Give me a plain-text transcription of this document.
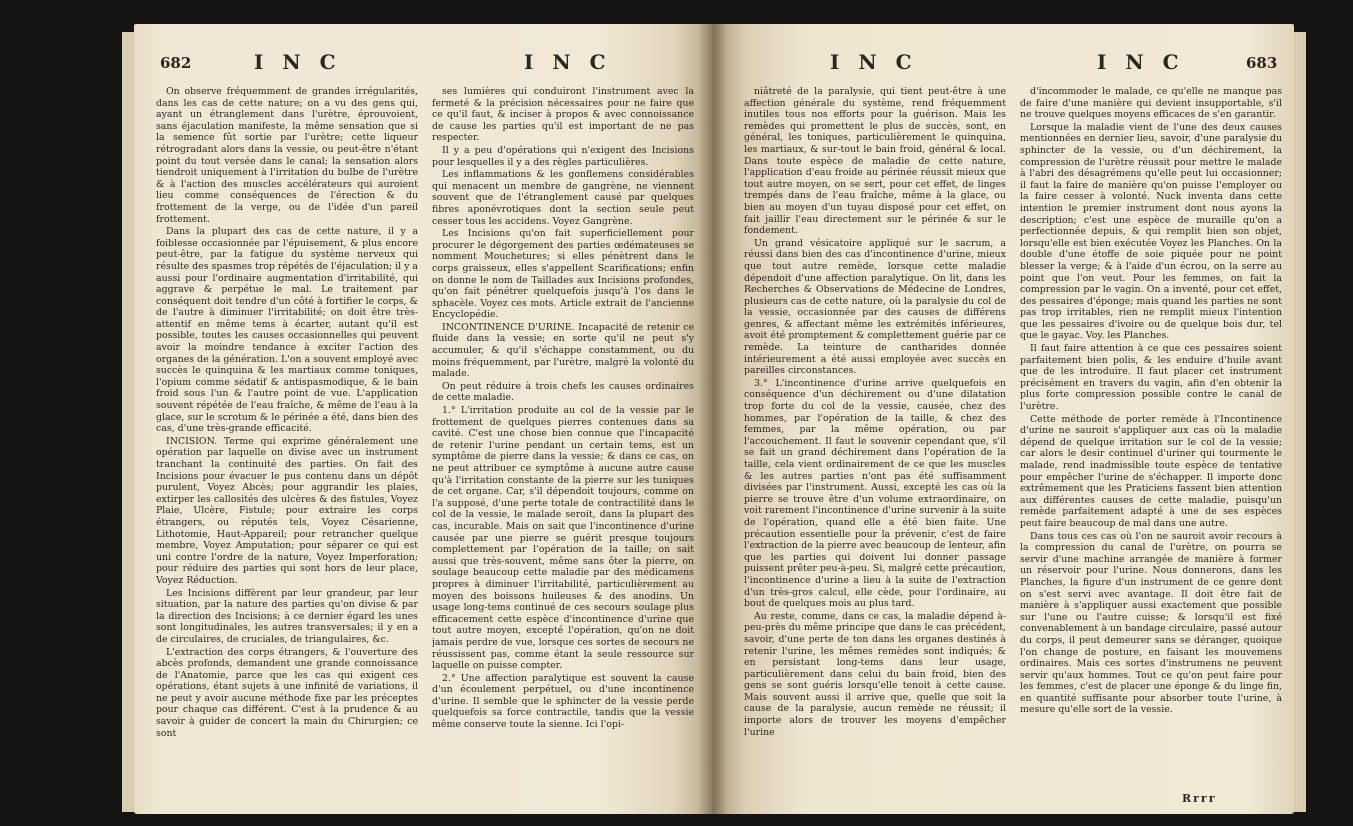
682	I N C	I N C

On observe fréquemment de grandes irrégularités, dans les cas de cette nature; on a vu des gens qui, ayant un étranglement dans l'urètre, éprouvoient, sans éjaculation manifeste, la même sensation que si la semence fût sortie par l'urètre; cette liqueur rétrogradant alors dans la vessie, ou peut-être n'étant point du tout versée dans le canal; la sensation alors tiendroit uniquement à l'irritation du bulbe de l'urètre & à l'action des muscles accélérateurs qui auroient lieu comme conséquences de l'érection & du frottement de la verge, ou de l'idée d'un pareil frottement.

Dans la plupart des cas de cette nature, il y a foiblesse occasionnée par l'épuisement, & plus encore peut-être, par la fatigue du système nerveux qui résulte des spasmes trop répétés de l'éjaculation; il y a aussi pour l'ordinaire augmentation d'irritabilité, qui aggrave & perpétue le mal. Le traitement par conséquent doit tendre d'un côté à fortifier le corps, & de l'autre à diminuer l'irritabilité; on doit être très-attentif en même tems à écarter, autant qu'il est possible, toutes les causes occasionnelles qui peuvent avoir la moindre tendance à exciter l'action des organes de la génération. L'on a souvent employé avec succès le quinquina & les martiaux comme toniques, l'opium comme sédatif & antispasmodique, & le bain froid sous l'un & l'autre point de vue. L'application souvent répétée de l'eau fraîche, & même de l'eau à la glace, sur le scrotum & le périnée a été, dans bien des cas, d'une très-grande efficacité.

INCISION. Terme qui exprime généralement une opération par laquelle on divise avec un instrument tranchant la continuité des parties. On fait des Incisions pour évacuer le pus contenu dans un dépôt purulent, Voyez Abcès; pour aggrandir les plaies, extirper les callosités des ulcères & des fistules, Voyez Plaie, Ulcère, Fistule; pour extraire les corps étrangers, ou réputés tels, Voyez Césarienne, Lithotomie, Haut-Appareil; pour retrancher quelque membre, Voyez Amputation; pour séparer ce qui est uni contre l'ordre de la nature, Voyez Imperforation; pour réduire des parties qui sont hors de leur place, Voyez Réduction.

Les Incisions diffèrent par leur grandeur, par leur situation, par la nature des parties qu'on divise & par la direction des Incisions; à ce dernier égard les unes sont longitudinales, les autres transversales; il y en a de circulaires, de cruciales, de triangulaires, &c.

L'extraction des corps étrangers, & l'ouverture des abcès profonds, demandent une grande connoissance de l'Anatomie, parce que les cas qui exigent ces opérations, étant sujets à une infinité de variations, il ne peut y avoir aucune méthode fixe par les préceptes pour chaque cas différent. C'est à la prudence & au savoir à guider de concert la main du Chirurgien; ce sont

ses lumières qui conduiront l'instrument avec la fermeté & la précision nécessaires pour ne faire que ce qu'il faut, & inciser à propos & avec connoissance de cause les parties qu'il est important de ne pas respecter.

Il y a peu d'opérations qui n'exigent des Incisions pour lesquelles il y a des règles particulières.

Les inflammations & les gonflemens considérables qui menacent un membre de gangrène, ne viennent souvent que de l'étranglement causé par quelques fibres aponévrotiques dont la section seule peut cesser tous les accidens. Voyez Gangrène.

Les Incisions qu'on fait superficiellement pour procurer le dégorgement des parties œdémateuses se nomment Mouchetures; si elles pénètrent dans le corps graisseux, elles s'appellent Scarifications; enfin on donne le nom de Taillades aux Incisions profondes, qu'on fait pénétrer quelquefois jusqu'à l'os dans le sphacèle. Voyez ces mots. Article extrait de l'ancienne Encyclopédie.

INCONTINENCE D'URINE. Incapacité de retenir ce fluide dans la vessie; en sorte qu'il ne peut s'y accumuler, & qu'il s'échappe constamment, ou du moins fréquemment, par l'urètre, malgré la volonté du malade.

On peut réduire à trois chefs les causes ordinaires de cette maladie.

1.° L'irritation produite au col de la vessie par le frottement de quelques pierres contenues dans sa cavité. C'est une chose bien connue que l'incapacité de retenir l'urine pendant un certain tems, est un symptôme de pierre dans la vessie; & dans ce cas, on ne peut attribuer ce symptôme à aucune autre cause qu'à l'irritation constante de la pierre sur les tuniques de cet organe. Car, s'il dépendoit toujours, comme on l'a supposé, d'une perte totale de contractilité dans le col de la vessie, le malade seroit, dans la plupart des cas, incurable. Mais on sait que l'incontinence d'urine causée par une pierre se guérit presque toujours complettement par l'opération de la taille; on sait aussi que très-souvent, même sans ôter la pierre, on soulage beaucoup cette maladie par des médicamens propres à diminuer l'irritabilité, particulièrement au moyen des boissons huileuses & des anodins. Un usage long-tems continué de ces secours soulage plus efficacement cette espèce d'incontinence d'urine que tout autre moyen, excepté l'opération, qu'on ne doit jamais perdre de vue, lorsque ces sortes de secours ne réussissent pas, comme étant la seule ressource sur laquelle on puisse compter.

2.° Une affection paralytique est souvent la cause d'un écoulement perpétuel, ou d'une incontinence d'urine. Il semble que le sphincter de la vessie perde quelquefois sa force contractile, tandis que la vessie même conserve toute la sienne. Ici l'opi-

I N C	I N C	683

niâtreté de la paralysie, qui tient peut-être à une affection générale du système, rend fréquemment inutiles tous nos efforts pour la guérison. Mais les remèdes qui promettent le plus de succès, sont, en général, les toniques, particulièrement le quinquina, les martiaux, & sur-tout le bain froid, général & local. Dans toute espèce de maladie de cette nature, l'application d'eau froide au périnée réussit mieux que tout autre moyen, on se sert, pour cet effet, de linges trempés dans de l'eau fraîche, même à la glace, ou bien au moyen d'un tuyau disposé pour cet effet, on fait jaillir l'eau directement sur le périnée & sur le fondement.

Un grand vésicatoire appliqué sur le sacrum, a réussi dans bien des cas d'incontinence d'urine, mieux que tout autre remède, lorsque cette maladie dépendoit d'une affection paralytique. On lit, dans les Recherches & Observations de Médecine de Londres, plusieurs cas de cette nature, où la paralysie du col de la vessie, occasionnée par des causes de différens genres, & affectant même les extrémités inférieures, avoit été promptement & complettement guérie par ce remède. La teinture de cantharides donnée intérieurement a été aussi employée avec succès en pareilles circonstances.

3.° L'incontinence d'urine arrive quelquefois en conséquence d'un déchirement ou d'une dilatation trop forte du col de la vessie, causée, chez des hommes, par l'opération de la taille, & chez des femmes, par la même opération, ou par l'accouchement. Il faut le souvenir cependant que, s'il se fait un grand déchirement dans l'opération de la taille, cela vient ordinairement de ce que les muscles & les autres parties n'ont pas été suffisamment divisées par l'instrument. Aussi, excepté les cas où la pierre se trouve être d'un volume extraordinaire, on voit rarement l'incontinence d'urine survenir à la suite de l'opération, quand elle a été bien faite. Une précaution essentielle pour la prévenir, c'est de faire l'extraction de la pierre avec beaucoup de lenteur, afin que les parties qui doivent lui donner passage puissent prêter peu-à-peu. Si, malgré cette précaution, l'incontinence d'urine a lieu à la suite de l'extraction d'un très-gros calcul, elle cède, pour l'ordinaire, au bout de quelques mois au plus tard.

Au reste, comme, dans ce cas, la maladie dépend à-peu-près du même principe que dans le cas précédent, savoir, d'une perte de ton dans les organes destinés à retenir l'urine, les mêmes remèdes sont indiqués; & en persistant long-tems dans leur usage, particulièrement dans celui du bain froid, bien des gens se sont guéris lorsqu'elle tenoit à cette cause. Mais souvent aussi il arrive que, quelle que soit la cause de la paralysie, aucun remède ne réussit; il importe alors de trouver les moyens d'empêcher l'urine

d'incommoder le malade, ce qu'elle ne manque pas de faire d'une manière qui devient insupportable, s'il ne trouve quelques moyens efficaces de s'en garantir.

Lorsque la maladie vient de l'une des deux causes mentionnées en dernier lieu, savoir, d'une paralysie du sphincter de la vessie, ou d'un déchirement, la compression de l'urètre réussit pour mettre le malade à l'abri des désagrémens qu'elle peut lui occasionner; il faut la faire de manière qu'on puisse l'employer ou la faire cesser à volonté. Nuck inventa dans cette intention le premier instrument dont nous ayons la description; c'est une espèce de muraille qu'on a perfectionnée depuis, & qui remplit bien son objet, lorsqu'elle est bien exécutée Voyez les Planches. On la double d'une étoffe de soie piquée pour ne point blesser la verge; & à l'aide d'un écrou, on la serre au point que l'on veut. Pour les femmes, on fait la compression par le vagin. On a inventé, pour cet effet, des pessaires d'éponge; mais quand les parties ne sont pas trop irritables, rien ne remplit mieux l'intention que les pessaires d'ivoire ou de quelque bois dur, tel que le gayac. Voy. les Planches.

Il faut faire attention à ce que ces pessaires soient parfaitement bien polis, & les enduire d'huile avant que de les introduire. Il faut placer cet instrument précisément en travers du vagin, afin d'en obtenir la plus forte compression possible contre le canal de l'urètre.

Cette méthode de porter remède à l'Incontinence d'urine ne sauroit s'appliquer aux cas où la maladie dépend de quelque irritation sur le col de la vessie; car alors le desir continuel d'uriner qui tourmente le malade, rend inadmissible toute espèce de tentative pour empêcher l'urine de s'échapper. Il importe donc extrêmement que les Praticiens fassent bien attention aux différentes causes de cette maladie, puisqu'un remède parfaitement adapté à une de ses espèces peut faire beaucoup de mal dans une autre.

Dans tous ces cas où l'on ne sauroit avoir recours à la compression du canal de l'urètre, on pourra se servir d'une machine arrangée de manière à former un réservoir pour l'urine. Nous donnerons, dans les Planches, la figure d'un instrument de ce genre dont on s'est servi avec avantage. Il doit être fait de manière à s'appliquer aussi exactement que possible sur l'une ou l'autre cuisse; & lorsqu'il est fixé convenablement à un bandage circulaire, passé autour du corps, il peut demeurer sans se déranger, quoique l'on change de posture, en faisant les mouvemens ordinaires. Mais ces sortes d'instrumens ne peuvent servir qu'aux hommes. Tout ce qu'on peut faire pour les femmes, c'est de placer une éponge & du linge fin, en quantité suffisante pour absorber toute l'urine, à mesure qu'elle sort de la vessie.

Rrrr
